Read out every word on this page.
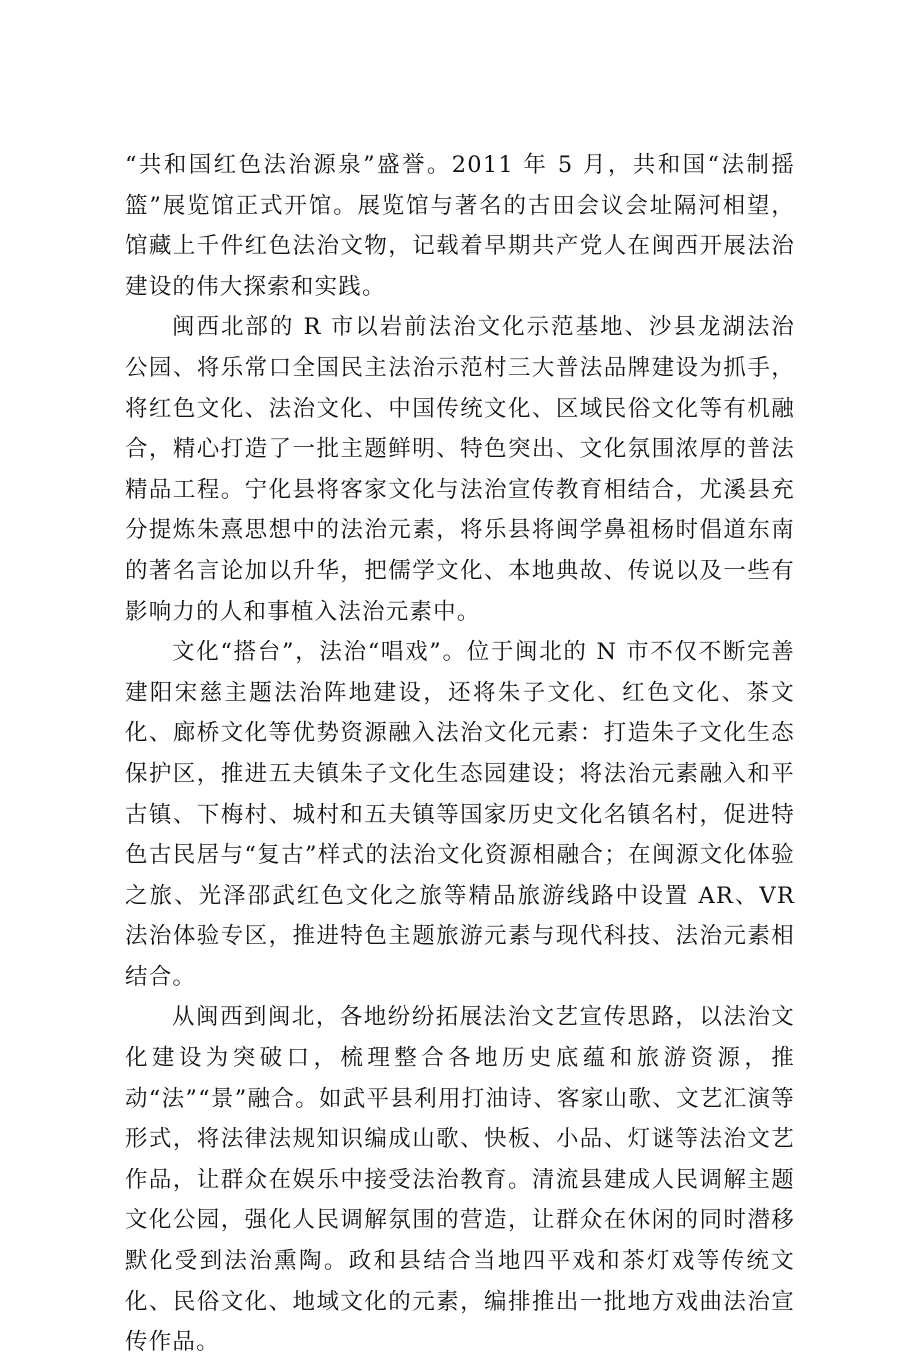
“共和国红色法治源泉”盛誉。2011 年 5 月，共和国“法制摇篮”展览馆正式开馆。展览馆与著名的古田会议会址隔河相望，馆藏上千件红色法治文物，记载着早期共产党人在闽西开展法治建设的伟大探索和实践。

闽西北部的 R 市以岩前法治文化示范基地、沙县龙湖法治公园、将乐常口全国民主法治示范村三大普法品牌建设为抓手，将红色文化、法治文化、中国传统文化、区域民俗文化等有机融合，精心打造了一批主题鲜明、特色突出、文化氛围浓厚的普法精品工程。宁化县将客家文化与法治宣传教育相结合，尤溪县充分提炼朱熹思想中的法治元素，将乐县将闽学鼻祖杨时倡道东南的著名言论加以升华，把儒学文化、本地典故、传说以及一些有影响力的人和事植入法治元素中。

文化“搭台”，法治“唱戏”。位于闽北的 N 市不仅不断完善建阳宋慈主题法治阵地建设，还将朱子文化、红色文化、茶文化、廊桥文化等优势资源融入法治文化元素：打造朱子文化生态保护区，推进五夫镇朱子文化生态园建设；将法治元素融入和平古镇、下梅村、城村和五夫镇等国家历史文化名镇名村，促进特色古民居与“复古”样式的法治文化资源相融合；在闽源文化体验之旅、光泽邵武红色文化之旅等精品旅游线路中设置 AR、VR 法治体验专区，推进特色主题旅游元素与现代科技、法治元素相结合。

从闽西到闽北，各地纷纷拓展法治文艺宣传思路，以法治文化建设为突破口，梳理整合各地历史底蕴和旅游资源，推动“法”“景”融合。如武平县利用打油诗、客家山歌、文艺汇演等形式，将法律法规知识编成山歌、快板、小品、灯谜等法治文艺作品，让群众在娱乐中接受法治教育。清流县建成人民调解主题文化公园，强化人民调解氛围的营造，让群众在休闲的同时潜移默化受到法治熏陶。政和县结合当地四平戏和茶灯戏等传统文化、民俗文化、地域文化的元素，编排推出一批地方戏曲法治宣传作品。
